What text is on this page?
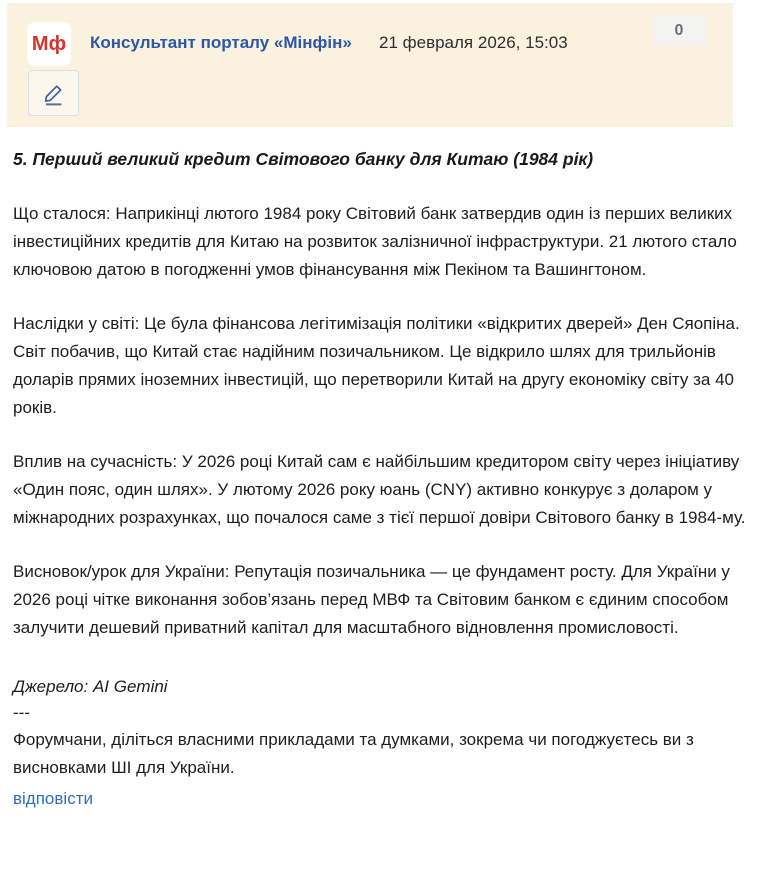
Мф Консультант порталу «Мінфін» 21 февраля 2026, 15:03
0
5. Перший великий кредит Світового банку для Китаю (1984 рік)

Що сталося: Наприкінці лютого 1984 року Світовий банк затвердив один із перших великих інвестиційних кредитів для Китаю на розвиток залізничної інфраструктури. 21 лютого стало ключовою датою в погодженні умов фінансування між Пекіном та Вашингтоном.

Наслідки у світі: Це була фінансова легітимізація політики «відкритих дверей» Ден Сяопіна. Світ побачив, що Китай стає надійним позичальником. Це відкрило шлях для трильйонів доларів прямих іноземних інвестицій, що перетворили Китай на другу економіку світу за 40 років.

Вплив на сучасність: У 2026 році Китай сам є найбільшим кредитором світу через ініціативу «Один пояс, один шлях». У лютому 2026 року юань (CNY) активно конкурує з доларом у міжнародних розрахунках, що почалося саме з тієї першої довіри Світового банку в 1984-му.

Висновок/урок для України: Репутація позичальника — це фундамент росту. Для України у 2026 році чітке виконання зобов’язань перед МВФ та Світовим банком є єдиним способом залучити дешевий приватний капітал для масштабного відновлення промисловості.

Джерело: AI Gemini

---

Форумчани, діліться власними прикладами та думками, зокрема чи погоджуєтесь ви з висновками ШІ для України.

відповісти
